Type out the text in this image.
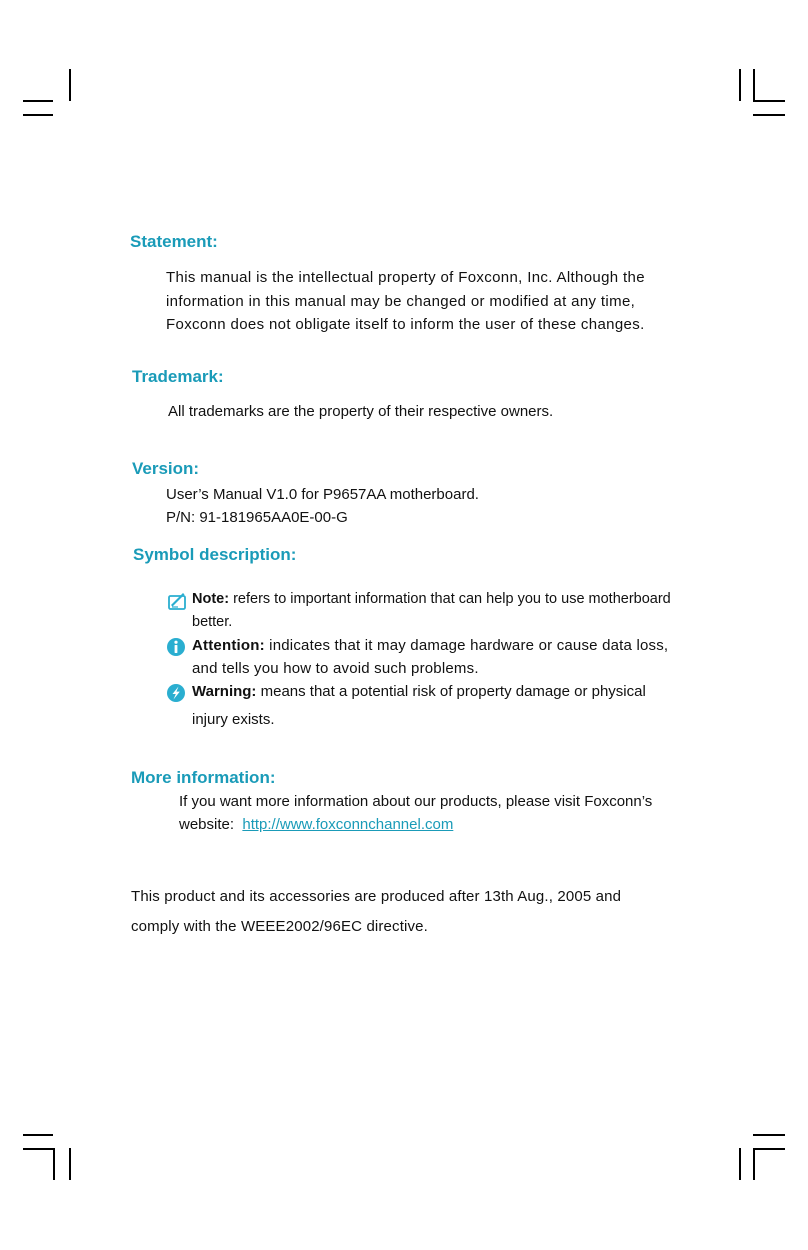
Statement:
This manual is the intellectual property of Foxconn, Inc. Although the
information in this manual may be changed or modified at any time,
Foxconn does not obligate itself to inform the user of these changes.
Trademark:

All trademarks are the property of their respective owners.

Version:

User’s Manual V1.0 for P9657AA motherboard.

P/N: 91-181965AA0E-00-G

Symbol description:
Note: refers to important information that can help you to use motherboard
better.
Attention: indicates that it may damage hardware or cause data loss,
and tells you how to avoid such problems.
Warning: means that a potential risk of property damage or physical
injury exists.
More information:
If you want more information about our products, please visit Foxconn’s
website:  http://www.foxconnchannel.com
This product and its accessories are produced after 13th Aug., 2005 and
comply with the WEEE2002/96EC directive.
